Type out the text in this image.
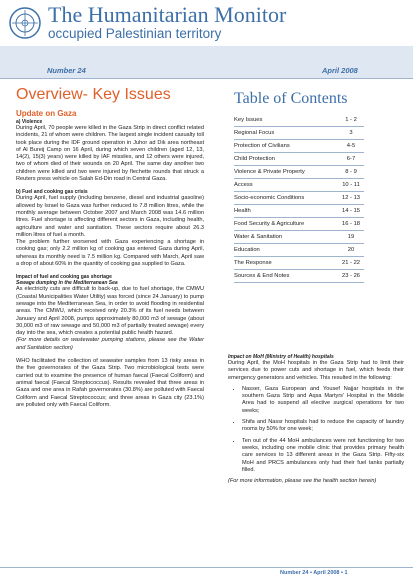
The Humanitarian Monitor
occupied Palestinian territory
Number 24	April 2008
Overview- Key Issues
Update on Gaza
a) Violence
During April, 70 people were killed in the Gaza Strip in direct conflict related incidents, 21 of whom were children. The largest single incident casualty toll took place during the IDF ground operation in Juhor ad Dik area northeast of Al Bureij Camp on 16 April, during which seven children (aged 12, 13, 14(2), 15(3) years) were killed by IAF missiles, and 12 others were injured, two of whom died of their wounds on 20 April. The same day another two children were killed and two were injured by flechette rounds that struck a Reuters press vehicle on Salah Ed-Din road in Central Gaza.
b) Fuel and cooking gas crisis
During April, fuel supply (including benzene, diesel and industrial gasoline) allowed by Israel to Gaza was further reduced to 7.8 million litres, while the monthly average between October 2007 and March 2008 was 14.6 million litres. Fuel shortage is affecting different sectors in Gaza, including health, agriculture and water and sanitation. These sectors require about 26.3 million litres of fuel a month.
The problem further worsened with Gaza experiencing a shortage in cooking gas; only 2.2 million kg of cooking gas entered Gaza during April, whereas its monthly need is 7.5 million kg. Compared with March, April saw a drop of about 60% in the quantity of cooking gas supplied to Gaza.
Impact of fuel and cooking gas shortage
Sewage dumping in the Mediterranean Sea
As electricity cuts are difficult to back-up, due to fuel shortage, the CMWU (Coastal Municipalities Water Utility) was forced (since 24 January) to pump sewage into the Mediterranean Sea, in order to avoid flooding in residential areas. The CMWU, which received only 20.3% of its fuel needs between January and April 2008, pumps approximately 80,000 m3 of sewage (about 30,000 m3 of raw sewage and 50,000 m3 of partially treated sewage) every day into the sea, which creates a potential public health hazard.
(For more details on wastewater pumping stations, please see the Water and Sanitation section)
WHO facilitated the collection of seawater samples from 13 risky areas in the five governorates of the Gaza Strip. Two microbiological tests were carried out to examine the presence of human faecal (Faecal Coliform) and animal faecal (Faecal Streptococcus). Results revealed that three areas in Gaza and one area in Rafah governorates (30.8%) are polluted with Faecal Coliform and Faecal Streptococcus; and three areas in Gaza city (23.1%) are polluted only with Faecal Coliform.
Table of Contents
Key Issues	1 - 2
Regional Focus	3
Protection of Civilians	4-5
Child Protection	6-7
Violence & Private Property	8 - 9
Access	10 - 11
Socio-economic Conditions	12 - 13
Health	14 - 15
Food Security & Agriculture	16 - 18
Water & Sanitation	19
Education	20
The Response	21 - 22
Sources & End Notes	23 - 26
Impact on MoH (Ministry of Health) hospitals
During April, the MoH hospitals in the Gaza Strip had to limit their services due to power cuts and shortage in fuel, which feeds their emergency generators and vehicles. This resulted in the following:
• Nasser, Gaza European and Yousef Najjar hospitals in the southern Gaza Strip and Aqsa Martyrs' Hospital in the Middle Area had to suspend all elective surgical operations for two weeks;
• Shifa and Nassr hospitals had to reduce the capacity of laundry rooms by 50% for one week;
• Ten out of the 44 MoH ambulances were not functioning for two weeks, including one mobile clinic that provides primary health care services to 13 different areas in the Gaza Strip. Fifty-six MoH and PRCS ambulances only had their fuel tanks partially filled.
(For more information, please see the health section herein)
Number 24 • April 2008 • 1
